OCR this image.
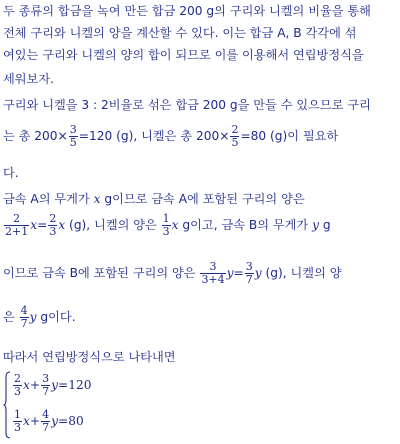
두 종류의 합금을 녹여 만든 합금 200 g의 구리와 니켈의 비율을 통해
전체 구리와 니켈의 양을 계산할 수 있다. 이는 합금 A, B 각각에 섞
여있는 구리와 니켈의 양의 합이 되므로 이를 이용해서 연립방정식을
세워보자.
구리와 니켈을 3 : 2비율로 섞은 합금 200 g을 만들 수 있으므로 구리
는 총 $200\times \frac{3}{5} =120$ (g), 니켈은 총 $200\times \frac{2}{5} =80$ (g)이 필요하
다.
금속 A의 무게가 x g이므로 금속 A에 포함된 구리의 양은
$\frac{2}{2+1} x= \frac{2}{3}$ x (g), 니켈의 양은 $\frac{1}{3}$ x g이고, 금속 B의 무게가 y g
이므로 금속 B에 포함된 구리의 양은 $\frac{3}{3+4} y= \frac{3}{7}$ y (g), 니켈의 양
은 $\frac{4}{7}$ y g이다.
따라서 연립방정식으로 나타내면
$\frac{2}{3} x+ \frac{3}{7} y=120$
$\frac{1}{3} x+ \frac{4}{7} y=80$
